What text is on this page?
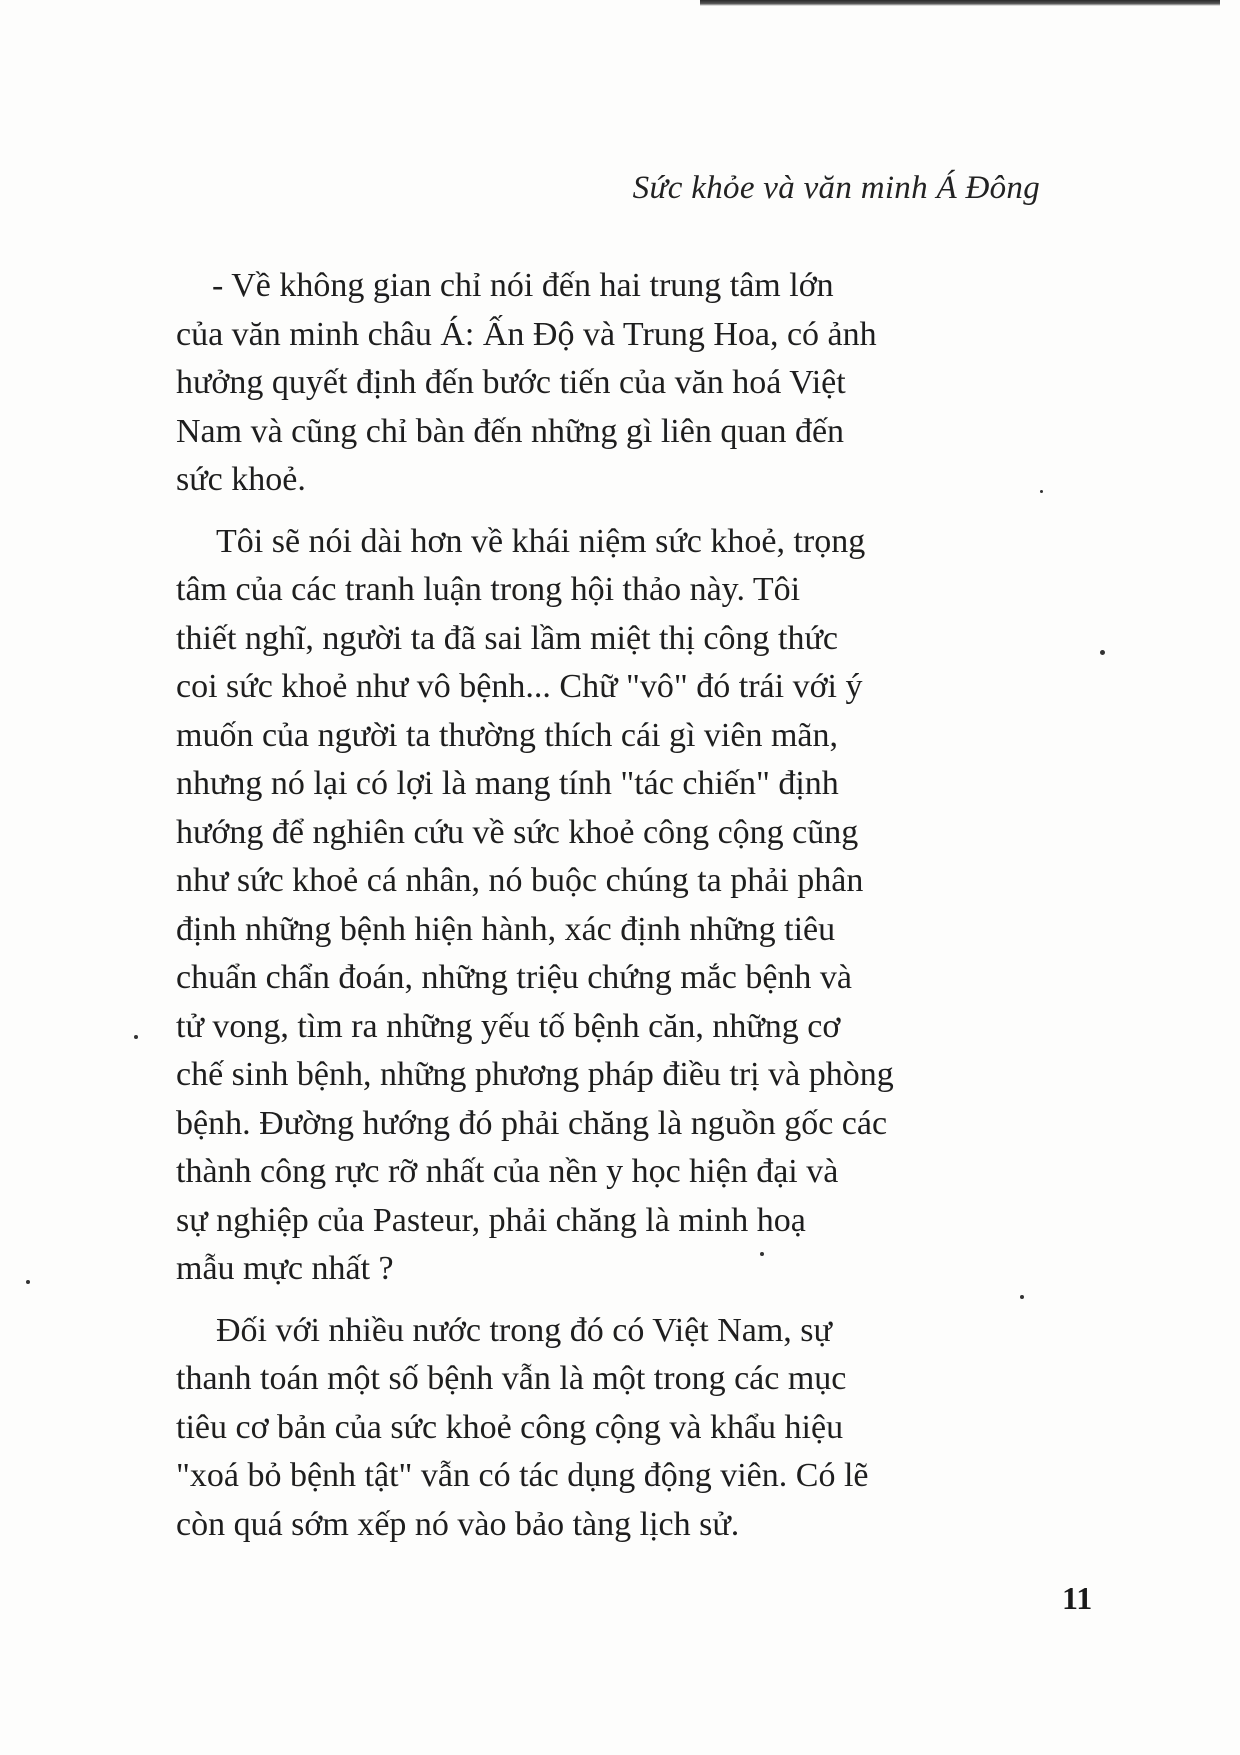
Sức khỏe và văn minh Á Đông

- Về không gian chỉ nói đến hai trung tâm lớn
của văn minh châu Á: Ấn Độ và Trung Hoa, có ảnh
hưởng quyết định đến bước tiến của văn hoá Việt
Nam và cũng chỉ bàn đến những gì liên quan đến
sức khoẻ.

Tôi sẽ nói dài hơn về khái niệm sức khoẻ, trọng
tâm của các tranh luận trong hội thảo này. Tôi
thiết nghĩ, người ta đã sai lầm miệt thị công thức
coi sức khoẻ như vô bệnh... Chữ "vô" đó trái với ý
muốn của người ta thường thích cái gì viên mãn,
nhưng nó lại có lợi là mang tính "tác chiến" định
hướng để nghiên cứu về sức khoẻ công cộng cũng
như sức khoẻ cá nhân, nó buộc chúng ta phải phân
định những bệnh hiện hành, xác định những tiêu
chuẩn chẩn đoán, những triệu chứng mắc bệnh và
tử vong, tìm ra những yếu tố bệnh căn, những cơ
chế sinh bệnh, những phương pháp điều trị và phòng
bệnh. Đường hướng đó phải chăng là nguồn gốc các
thành công rực rỡ nhất của nền y học hiện đại và
sự nghiệp của Pasteur, phải chăng là minh hoạ
mẫu mực nhất ?

Đối với nhiều nước trong đó có Việt Nam, sự
thanh toán một số bệnh vẫn là một trong các mục
tiêu cơ bản của sức khoẻ công cộng và khẩu hiệu
"xoá bỏ bệnh tật" vẫn có tác dụng động viên. Có lẽ
còn quá sớm xếp nó vào bảo tàng lịch sử.

11
